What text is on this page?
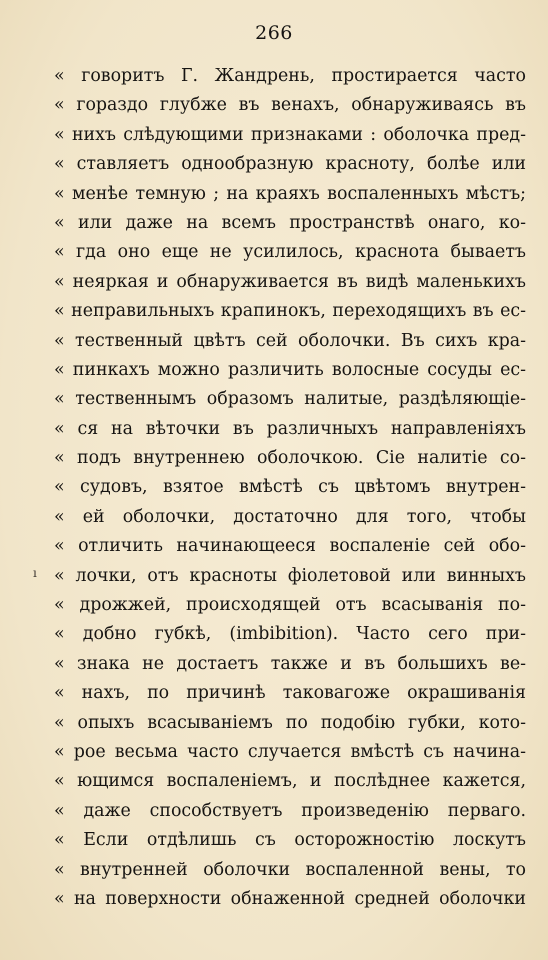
266
ı
« говоритъ Г. Жандрень, простирается часто
« гораздо глубже въ венахъ, обнаруживаясь въ
« нихъ слѣдующими признаками : оболочка пред-
« ставляетъ однообразную красноту, болѣе или
« менѣе темную ; на краяхъ воспаленныхъ мѣстъ;
« или даже на всемъ пространствѣ онаго, ко-
« гда оно еще не усилилось, краснота бываетъ
« неяркая и обнаруживается въ видѣ маленькихъ
« неправильныхъ крапинокъ, переходящихъ въ ес-
« тественный цвѣтъ сей оболочки. Въ сихъ кра-
« пинкахъ можно различить волосные сосуды ес-
« тественнымъ образомъ налитые, раздѣляющіе-
« ся на вѣточки въ различныхъ направленіяхъ
« подъ внутреннею оболочкою. Сіе налитіе со-
« судовъ, взятое вмѣстѣ съ цвѣтомъ внутрен-
« ей оболочки, достаточно для того, чтобы
« отличить начинающееся воспаленіе сей обо-
« лочки, отъ красноты фіолетовой или винныхъ
« дрожжей, происходящей отъ всасыванія по-
« добно губкѣ, (imbibition). Часто сего при-
« знака не достаетъ также и въ большихъ ве-
« нахъ, по причинѣ таковагоже окрашиванія
« опыхъ всасываніемъ по подобію губки, кото-
« рое весьма часто случается вмѣстѣ съ начина-
« ющимся воспаленіемъ, и послѣднее кажется,
« даже способствуетъ произведенію перваго.
« Если отдѣлишь съ осторожностію лоскутъ
« внутренней оболочки воспаленной вены, то
« на поверхности обнаженной средней оболочки
